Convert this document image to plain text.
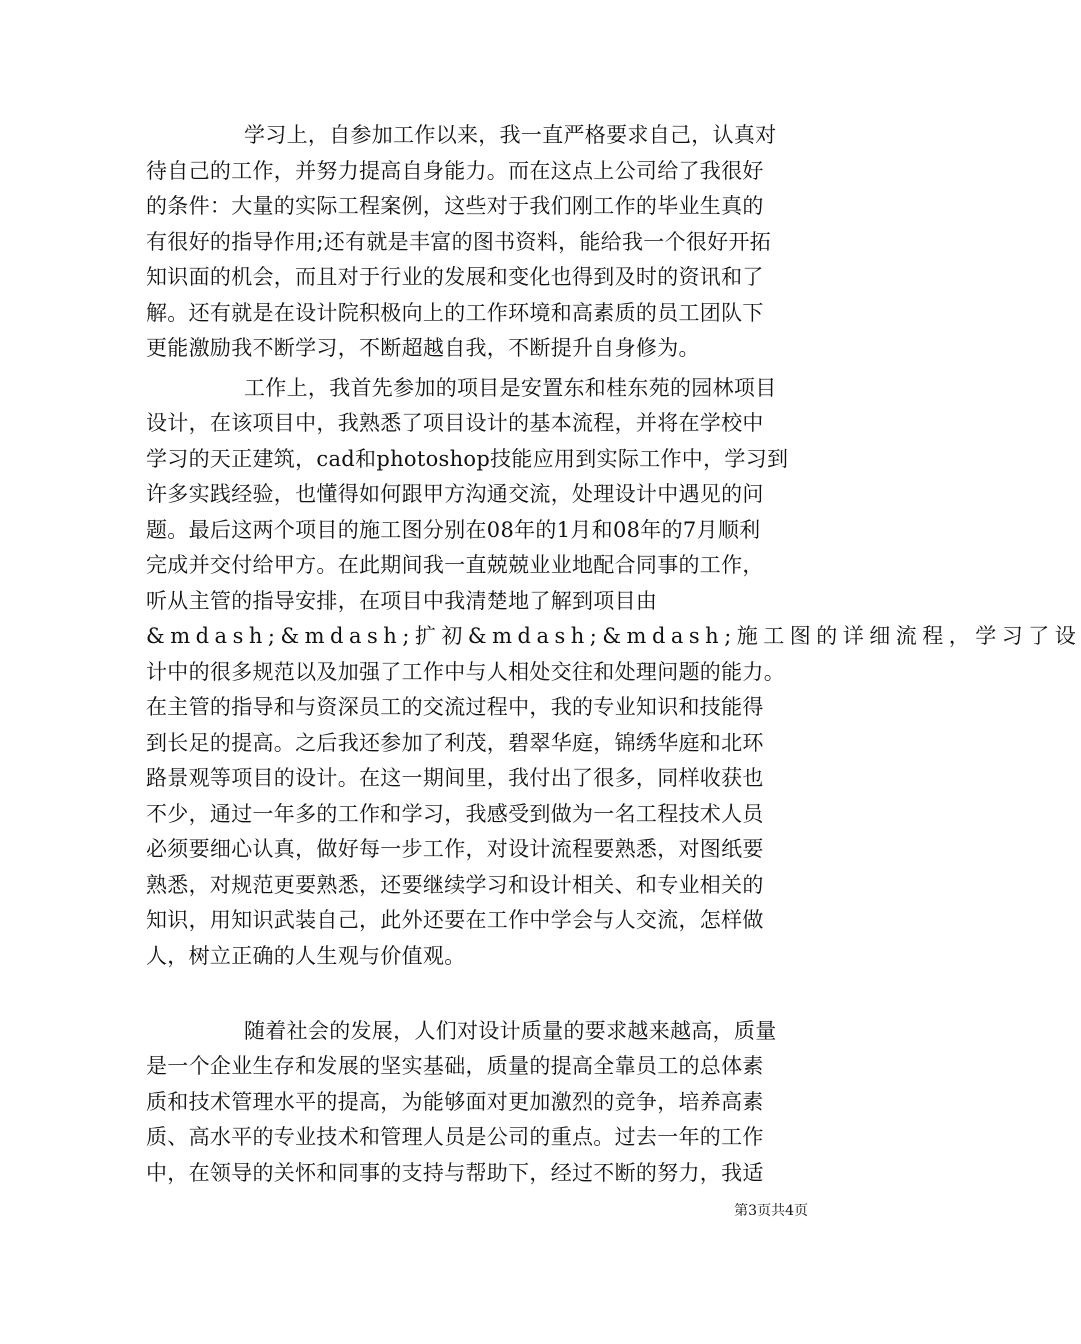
学习上，自参加工作以来，我一直严格要求自己，认真对
待自己的工作，并努力提高自身能力。而在这点上公司给了我很好
的条件：大量的实际工程案例，这些对于我们刚工作的毕业生真的
有很好的指导作用;还有就是丰富的图书资料，能给我一个很好开拓
知识面的机会，而且对于行业的发展和变化也得到及时的资讯和了
解。还有就是在设计院积极向上的工作环境和高素质的员工团队下
更能激励我不断学习，不断超越自我，不断提升自身修为。
工作上，我首先参加的项目是安置东和桂东苑的园林项目
设计，在该项目中，我熟悉了项目设计的基本流程，并将在学校中
学习的天正建筑，cad和photoshop技能应用到实际工作中，学习到
许多实践经验，也懂得如何跟甲方沟通交流，处理设计中遇见的问
题。最后这两个项目的施工图分别在08年的1月和08年的7月顺利
完成并交付给甲方。在此期间我一直兢兢业业地配合同事的工作，
听从主管的指导安排，在项目中我清楚地了解到项目由
&mdash;&mdash;扩初&mdash;&mdash;施工图的详细流程，学习了设
计中的很多规范以及加强了工作中与人相处交往和处理问题的能力。
在主管的指导和与资深员工的交流过程中，我的专业知识和技能得
到长足的提高。之后我还参加了利茂，碧翠华庭，锦绣华庭和北环
路景观等项目的设计。在这一期间里，我付出了很多，同样收获也
不少，通过一年多的工作和学习，我感受到做为一名工程技术人员
必须要细心认真，做好每一步工作，对设计流程要熟悉，对图纸要
熟悉，对规范更要熟悉，还要继续学习和设计相关、和专业相关的
知识，用知识武装自己，此外还要在工作中学会与人交流，怎样做
人，树立正确的人生观与价值观。
随着社会的发展，人们对设计质量的要求越来越高，质量
是一个企业生存和发展的坚实基础，质量的提高全靠员工的总体素
质和技术管理水平的提高，为能够面对更加激烈的竞争，培养高素
质、高水平的专业技术和管理人员是公司的重点。过去一年的工作
中，在领导的关怀和同事的支持与帮助下，经过不断的努力，我适
第3页共4页
